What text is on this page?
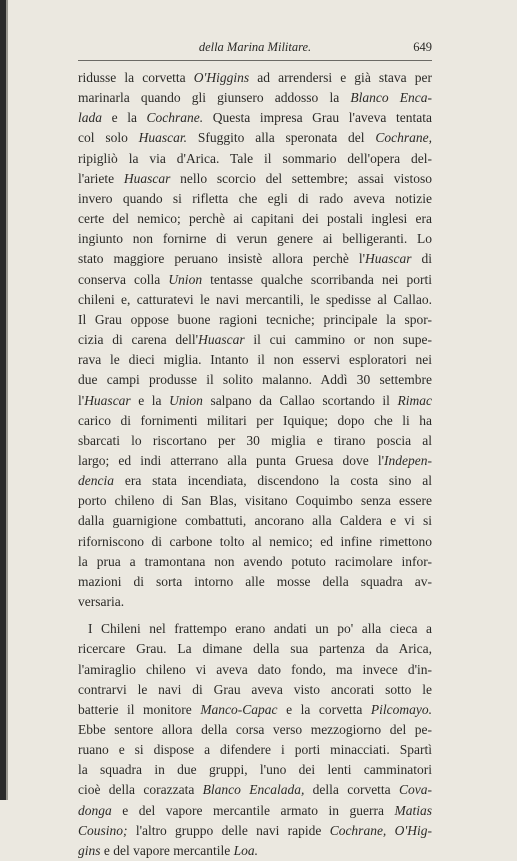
della Marina Militare.	649
ridusse la corvetta O'Higgins ad arrendersi e già stava per
marinarla quando gli giunsero addosso la Blanco Enca-
lada e la Cochrane. Questa impresa Grau l'aveva tentata
col solo Huascar. Sfuggito alla speronata del Cochrane,
ripigliò la via d'Arica. Tale il sommario dell'opera del-
l'ariete Huascar nello scorcio del settembre; assai vistoso
invero quando si rifletta che egli di rado aveva notizie
certe del nemico; perchè ai capitani dei postali inglesi era
ingiunto non fornirne di verun genere ai belligeranti. Lo
stato maggiore peruano insistè allora perchè l'Huascar di
conserva colla Union tentasse qualche scorribanda nei porti
chileni e, catturatevi le navi mercantili, le spedisse al Callao.
Il Grau oppose buone ragioni tecniche; principale la spor-
cizia di carena dell'Huascar il cui cammino or non supe-
rava le dieci miglia. Intanto il non esservi esploratori nei
due campi produsse il solito malanno. Addì 30 settembre
l'Huascar e la Union salpano da Callao scortando il Rimac
carico di fornimenti militari per Iquique; dopo che li ha
sbarcati lo riscortano per 30 miglia e tirano poscia al
largo; ed indi atterrano alla punta Gruesa dove l'Indepen-
dencia era stata incendiata, discendono la costa sino al
porto chileno di San Blas, visitano Coquimbo senza essere
dalla guarnigione combattuti, ancorano alla Caldera e vi si
riforniscono di carbone tolto al nemico; ed infine rimettono
la prua a tramontana non avendo potuto racimolare infor-
mazioni di sorta intorno alle mosse della squadra av-
versaria.
I Chileni nel frattempo erano andati un po' alla cieca a
ricercare Grau. La dimane della sua partenza da Arica,
l'amiraglio chileno vi aveva dato fondo, ma invece d'in-
contrarvi le navi di Grau aveva visto ancorati sotto le
batterie il monitore Manco-Capac e la corvetta Pilcomayo.
Ebbe sentore allora della corsa verso mezzogiorno del pe-
ruano e si dispose a difendere i porti minacciati. Spartì
la squadra in due gruppi, l'uno dei lenti camminatori
cioè della corazzata Blanco Encalada, della corvetta Cova-
donga e del vapore mercantile armato in guerra Matias
Cousino; l'altro gruppo delle navi rapide Cochrane, O'Hig-
gins e del vapore mercantile Loa.
